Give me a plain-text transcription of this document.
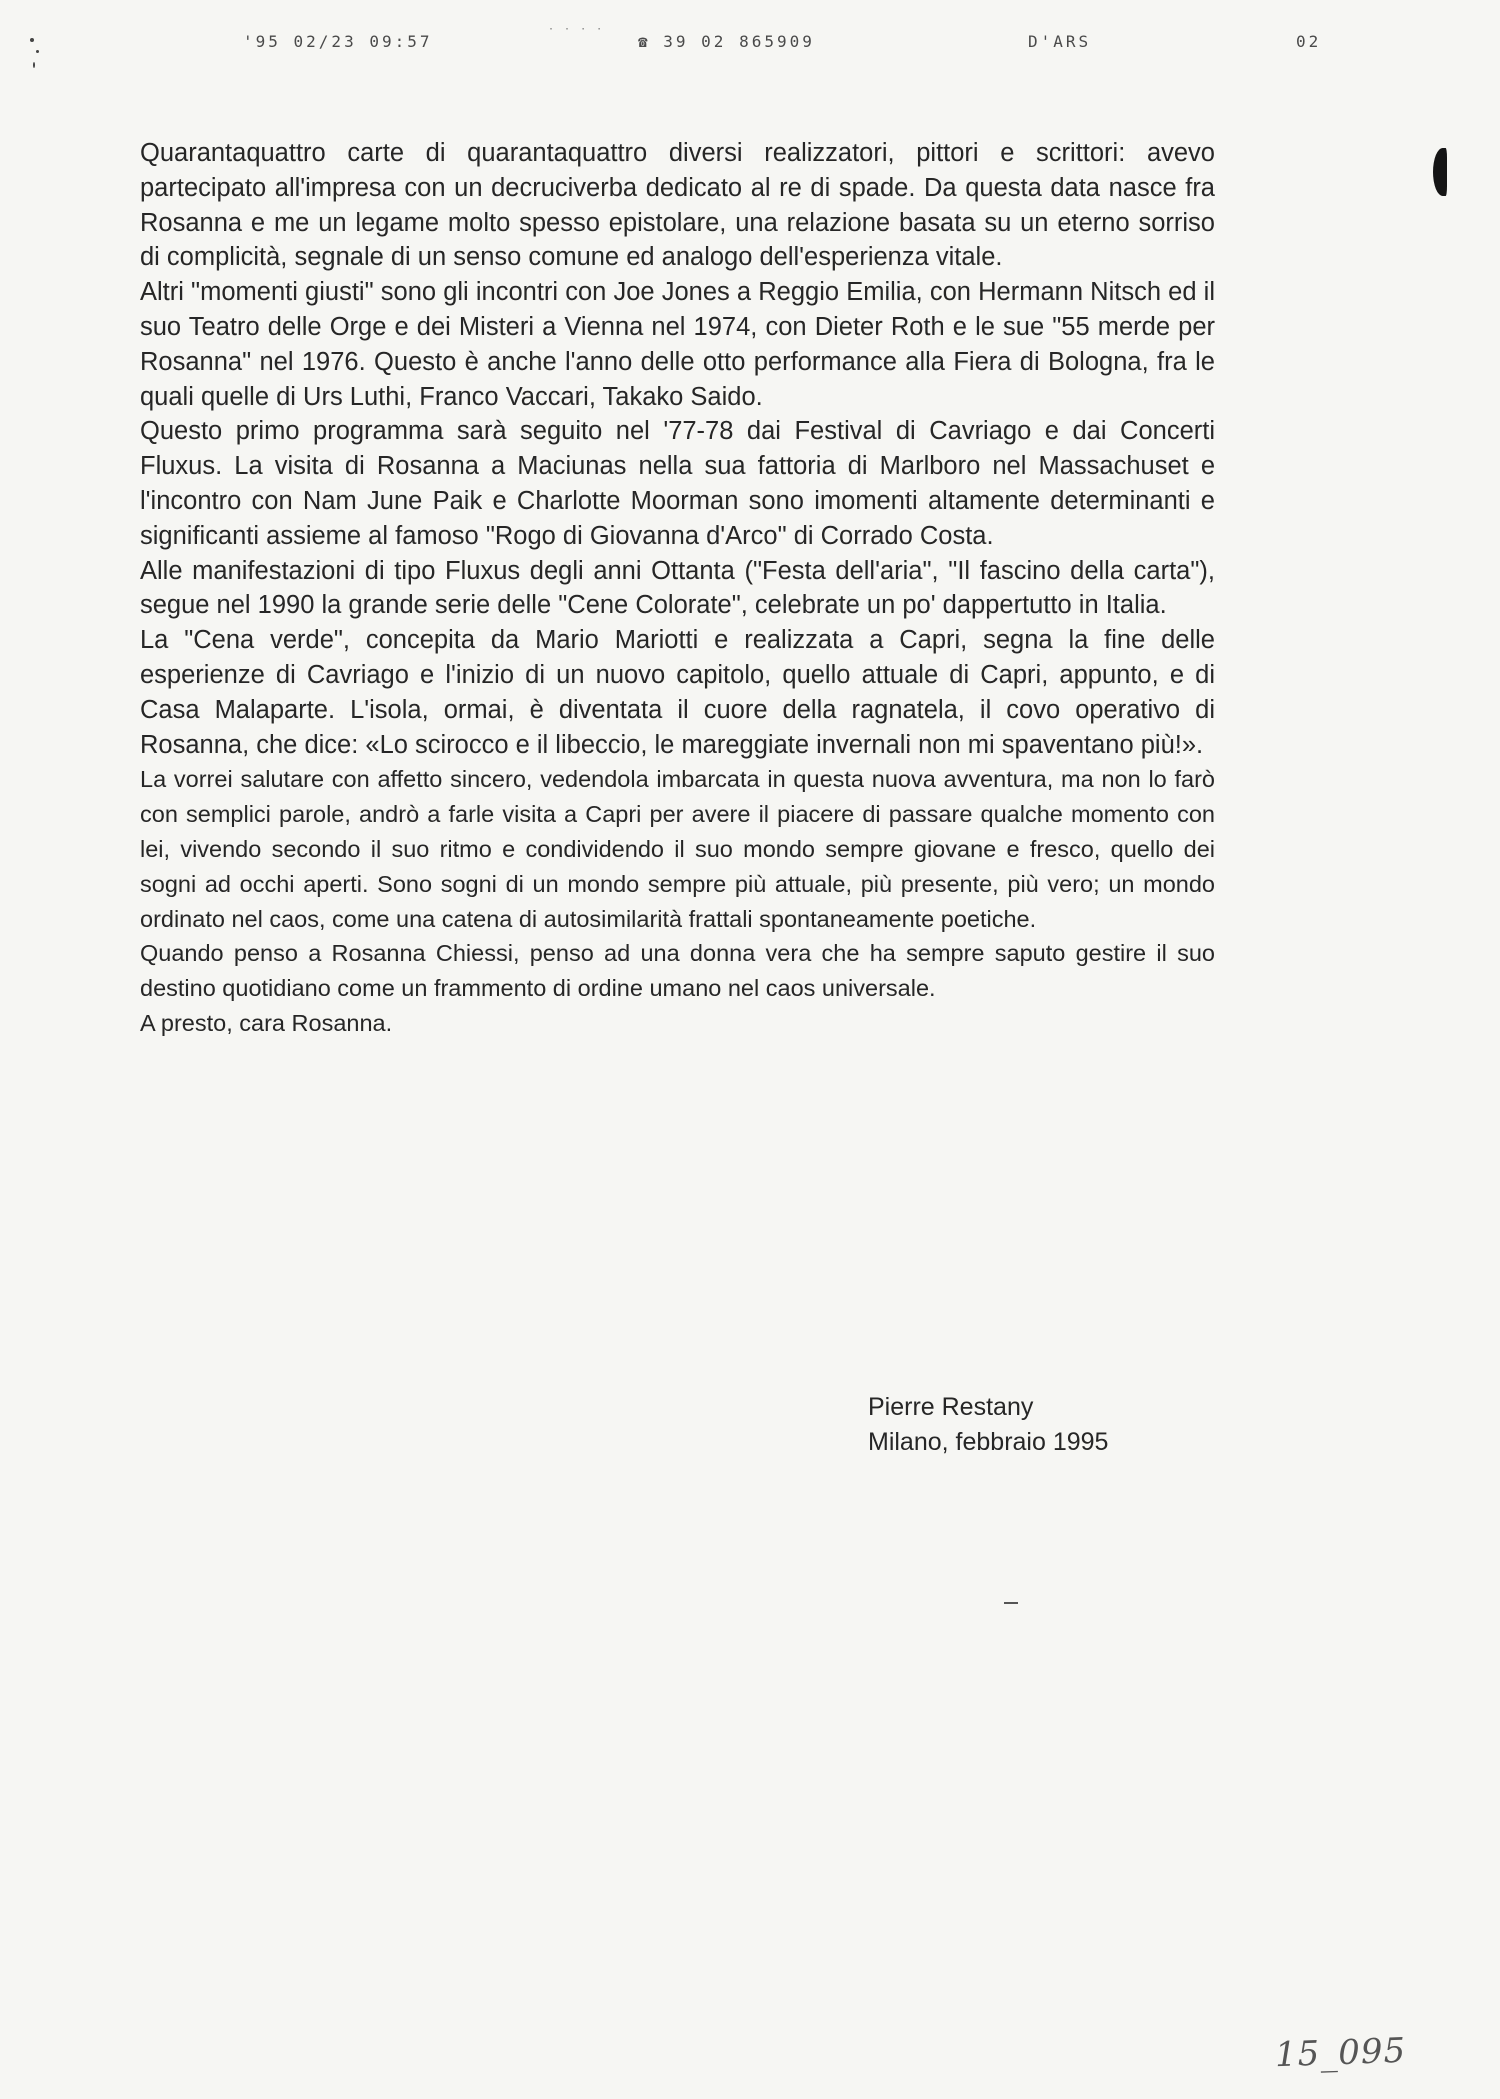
'95 02/23 09:57
· · · ·
☎ 39 02 865909	D'ARS	02

Quarantaquattro carte di quarantaquattro diversi realizzatori, pittori e scrittori: avevo partecipato all'impresa con un decruciverba dedicato al re di spade. Da questa data nasce fra Rosanna e me un legame molto spesso epistolare, una relazione basata su un eterno sorriso di complicità, segnale di un senso comune ed analogo dell'esperienza vitale.

Altri "momenti giusti" sono gli incontri con Joe Jones a Reggio Emilia, con Hermann Nitsch ed il suo Teatro delle Orge e dei Misteri a Vienna nel 1974, con Dieter Roth e le sue "55 merde per Rosanna" nel 1976. Questo è anche l'anno delle otto performance alla Fiera di Bologna, fra le quali quelle di Urs Luthi, Franco Vaccari, Takako Saido.

Questo primo programma sarà seguito nel '77-78 dai Festival di Cavriago e dai Concerti Fluxus. La visita di Rosanna a Maciunas nella sua fattoria di Marlboro nel Massachuset e l'incontro con Nam June Paik e Charlotte Moorman sono imomenti altamente determinanti e significanti assieme al famoso "Rogo di Giovanna d'Arco" di Corrado Costa.

Alle manifestazioni di tipo Fluxus degli anni Ottanta ("Festa dell'aria", "Il fascino della carta"), segue nel 1990 la grande serie delle "Cene Colorate", celebrate un po' dappertutto in Italia.

La "Cena verde", concepita da Mario Mariotti e realizzata a Capri, segna la fine delle esperienze di Cavriago e l'inizio di un nuovo capitolo, quello attuale di Capri, appunto, e di Casa Malaparte. L'isola, ormai, è diventata il cuore della ragnatela, il covo operativo di Rosanna, che dice: «Lo scirocco e il libeccio, le mareggiate invernali non mi spaventano più!».

La vorrei salutare con affetto sincero, vedendola imbarcata in questa nuova avventura, ma non lo farò con semplici parole, andrò a farle visita a Capri per avere il piacere di passare qualche momento con lei, vivendo secondo il suo ritmo e condividendo il suo mondo sempre giovane e fresco, quello dei sogni ad occhi aperti. Sono sogni di un mondo sempre più attuale, più presente, più vero; un mondo ordinato nel caos, come una catena di autosimilarità frattali spontaneamente poetiche.

Quando penso a Rosanna Chiessi, penso ad una donna vera che ha sempre saputo gestire il suo destino quotidiano come un frammento di ordine umano nel caos universale.

A presto, cara Rosanna.

Pierre Restany
Milano, febbraio 1995
15_095
